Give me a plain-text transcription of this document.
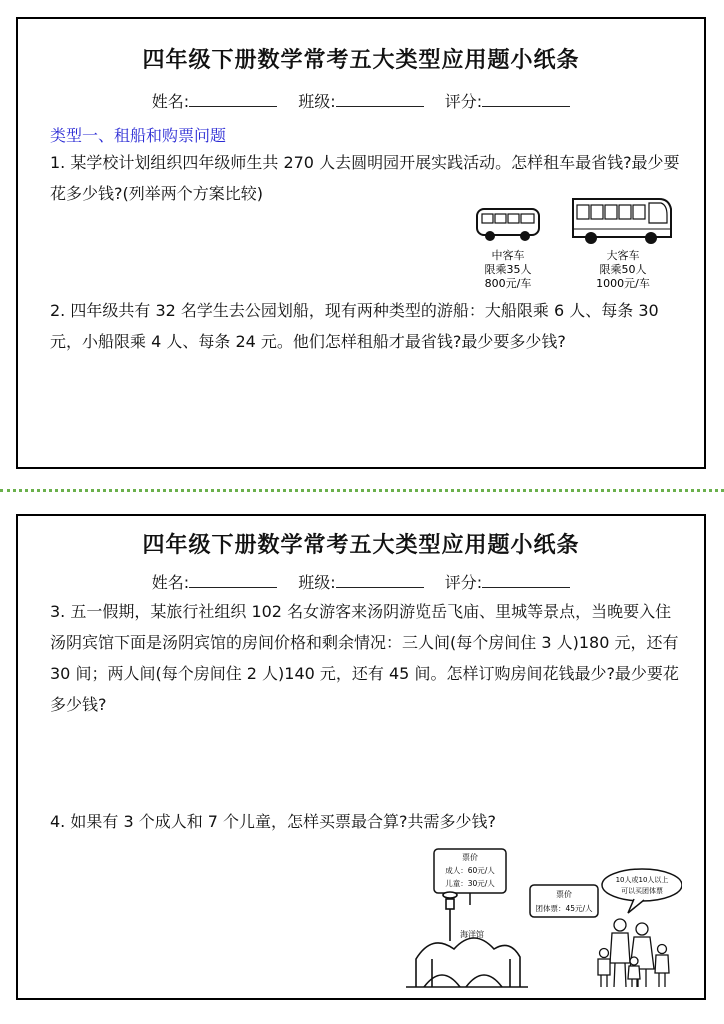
四年级下册数学常考五大类型应用题小纸条
姓名:	班级:	评分:
类型一、租船和购票问题
1. 某学校计划组织四年级师生共 270 人去圆明园开展实践活动。怎样租车最省钱?最少要花多少钱?(列举两个方案比较)
中客车
限乘35人
800元/车
大客车
限乘50人
1000元/车
2. 四年级共有 32 名学生去公园划船，现有两种类型的游船：大船限乘 6 人、每条 30 元，小船限乘 4 人、每条 24 元。他们怎样租船才最省钱?最少要多少钱?
四年级下册数学常考五大类型应用题小纸条
姓名:	班级:	评分:
3. 五一假期，某旅行社组织 102 名女游客来汤阴游览岳飞庙、里城等景点，当晚要入住汤阴宾馆下面是汤阴宾馆的房间价格和剩余情况：三人间(每个房间住 3 人)180 元，还有 30 间；两人间(每个房间住 2 人)140 元，还有 45 间。怎样订购房间花钱最少?最少要花多少钱?
4. 如果有 3 个成人和 7 个儿童，怎样买票最合算?共需多少钱?
票价
成人：60元/人
儿童：30元/人
票价
团体票：45元/人
10人或10人以上
可以买团体票
海洋馆
